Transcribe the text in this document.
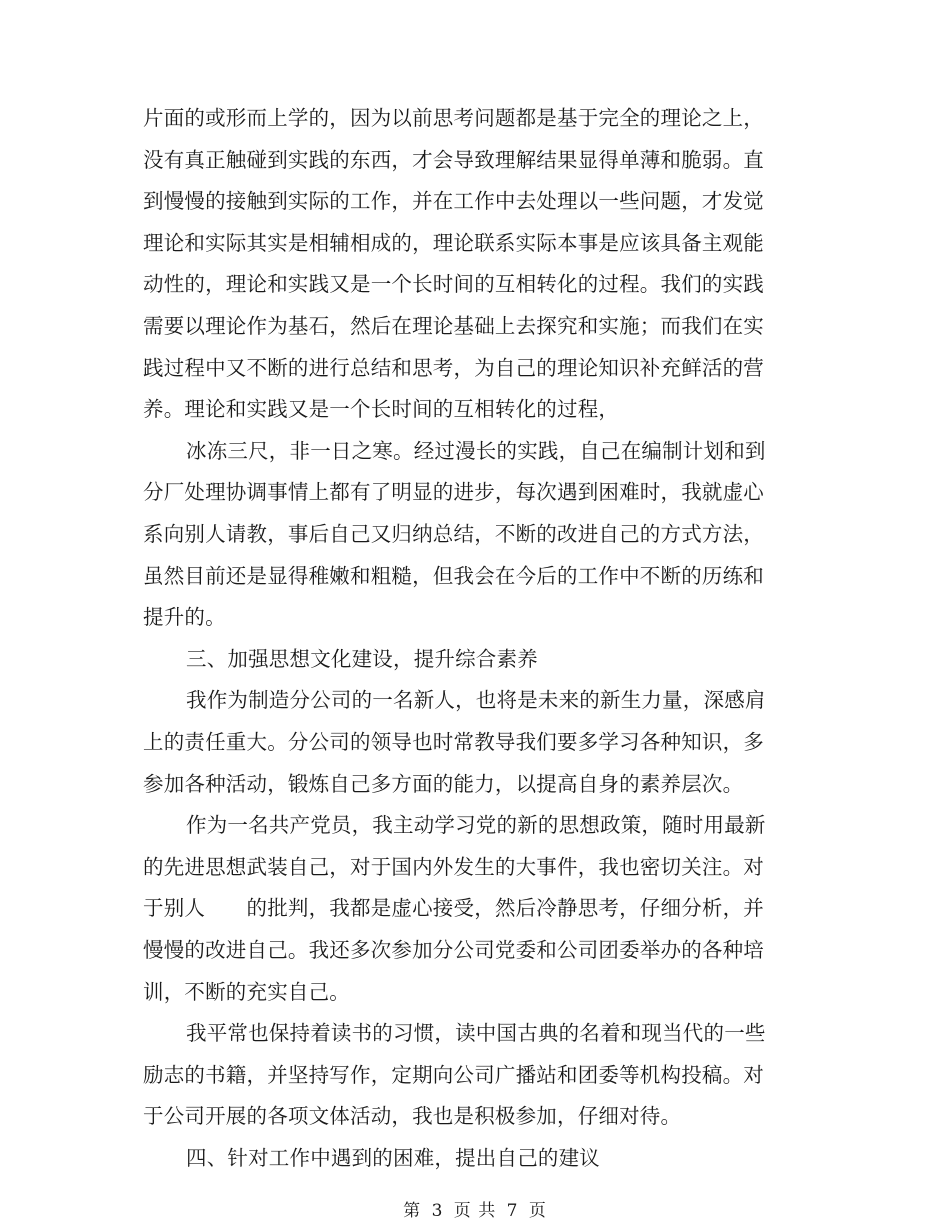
片面的或形而上学的，因为以前思考问题都是基于完全的理论之上，
没有真正触碰到实践的东西，才会导致理解结果显得单薄和脆弱。直
到慢慢的接触到实际的工作，并在工作中去处理以一些问题，才发觉
理论和实际其实是相辅相成的，理论联系实际本事是应该具备主观能
动性的，理论和实践又是一个长时间的互相转化的过程。我们的实践
需要以理论作为基石，然后在理论基础上去探究和实施；而我们在实
践过程中又不断的进行总结和思考，为自己的理论知识补充鲜活的营
养。理论和实践又是一个长时间的互相转化的过程，
冰冻三尺，非一日之寒。经过漫长的实践，自己在编制计划和到
分厂处理协调事情上都有了明显的进步，每次遇到困难时，我就虚心
系向别人请教，事后自己又归纳总结，不断的改进自己的方式方法，
虽然目前还是显得稚嫩和粗糙，但我会在今后的工作中不断的历练和
提升的。
三、加强思想文化建设，提升综合素养
我作为制造分公司的一名新人，也将是未来的新生力量，深感肩
上的责任重大。分公司的领导也时常教导我们要多学习各种知识，多
参加各种活动，锻炼自己多方面的能力，以提高自身的素养层次。
作为一名共产党员，我主动学习党的新的思想政策，随时用最新
的先进思想武装自己，对于国内外发生的大事件，我也密切关注。对
于别人　　的批判，我都是虚心接受，然后冷静思考，仔细分析，并
慢慢的改进自己。我还多次参加分公司党委和公司团委举办的各种培
训，不断的充实自己。
我平常也保持着读书的习惯，读中国古典的名着和现当代的一些
励志的书籍，并坚持写作，定期向公司广播站和团委等机构投稿。对
于公司开展的各项文体活动，我也是积极参加，仔细对待。
四、针对工作中遇到的困难，提出自己的建议
第 3 页 共 7 页
